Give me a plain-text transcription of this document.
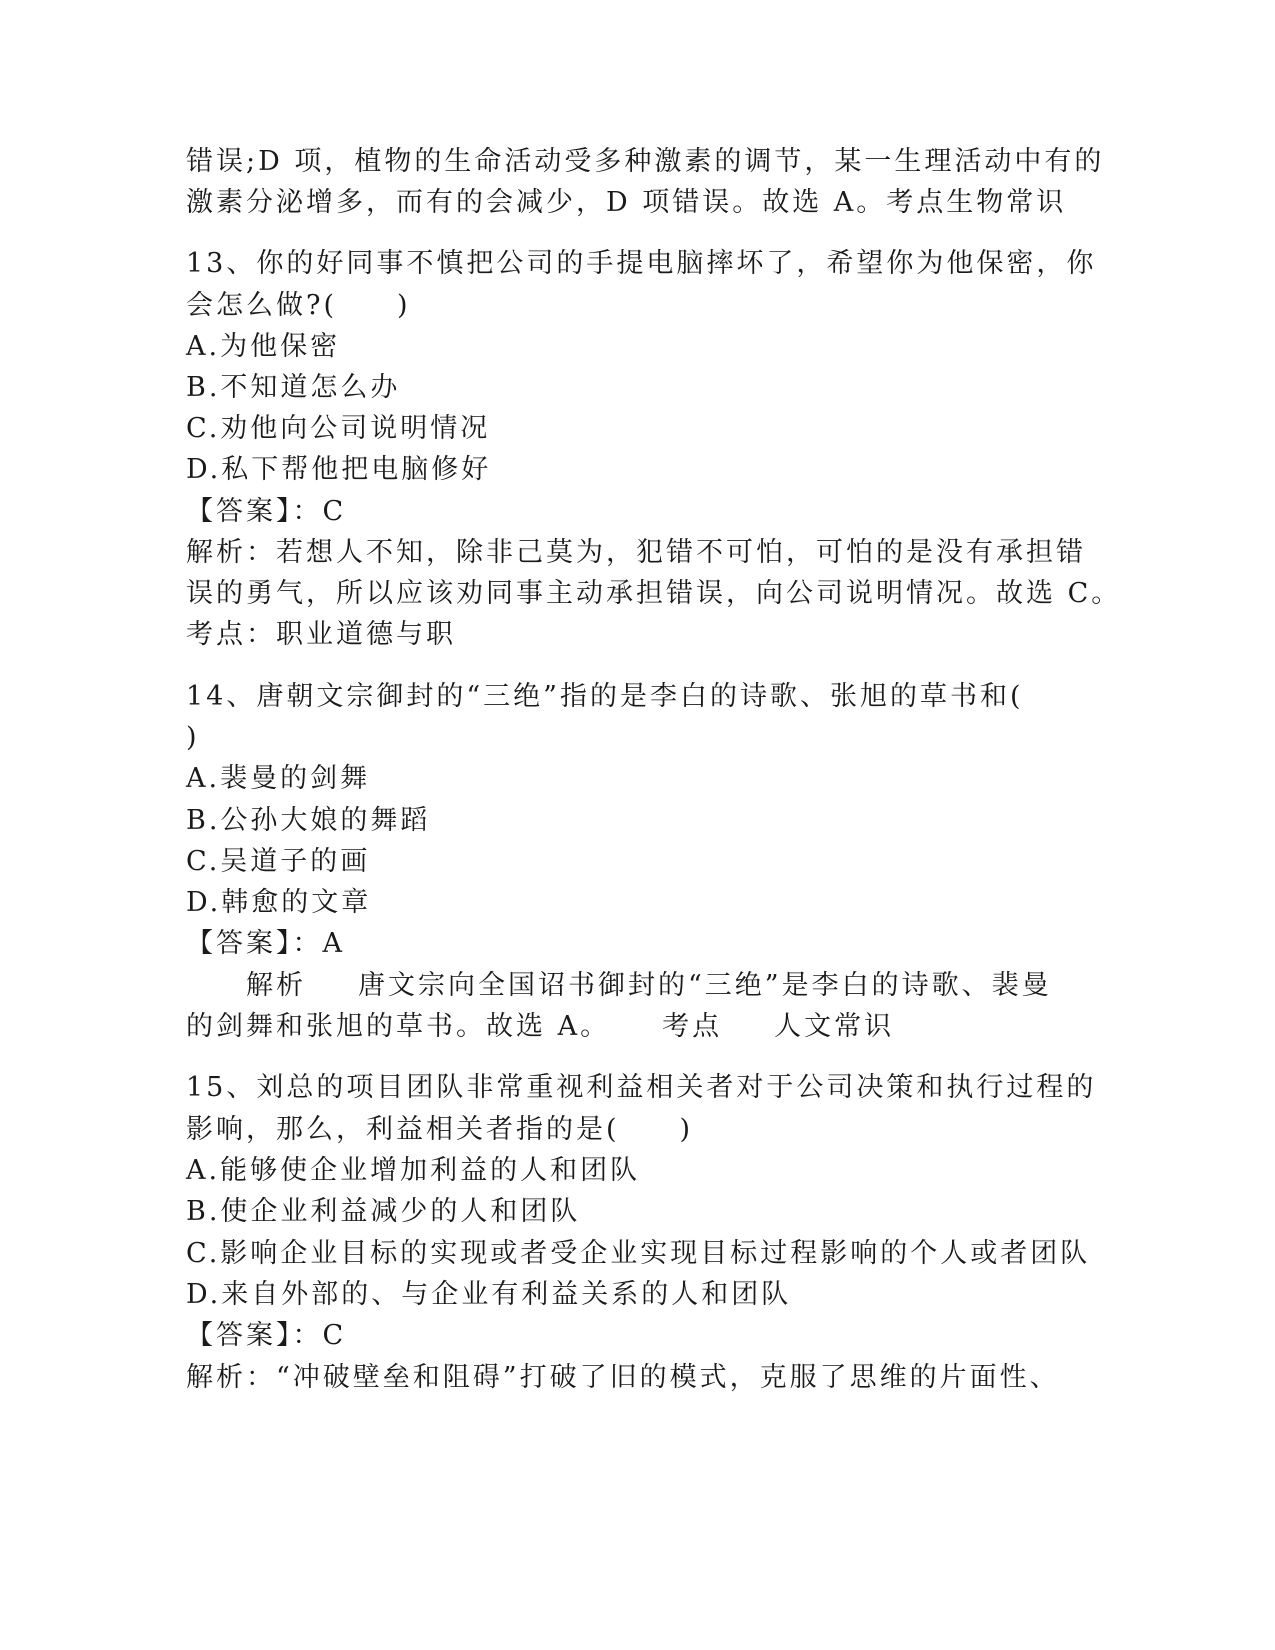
错误;D 项，植物的生命活动受多种激素的调节，某一生理活动中有的
激素分泌增多，而有的会减少，D 项错误。故选 A。考点生物常识
13、你的好同事不慎把公司的手提电脑摔坏了，希望你为他保密，你
会怎么做?(　　)
A.为他保密
B.不知道怎么办
C.劝他向公司说明情况
D.私下帮他把电脑修好
【答案】：C
解析：若想人不知，除非己莫为，犯错不可怕，可怕的是没有承担错
误的勇气，所以应该劝同事主动承担错误，向公司说明情况。故选 C。
考点：职业道德与职
14、唐朝文宗御封的“三绝”指的是李白的诗歌、张旭的草书和(
)
A.裴曼的剑舞
B.公孙大娘的舞蹈
C.吴道子的画
D.韩愈的文章
【答案】：A
解析 唐文宗向全国诏书御封的“三绝”是李白的诗歌、裴曼
的剑舞和张旭的草书。故选 A。 考点 人文常识
15、刘总的项目团队非常重视利益相关者对于公司决策和执行过程的
影响，那么，利益相关者指的是(　　)
A.能够使企业增加利益的人和团队
B.使企业利益减少的人和团队
C.影响企业目标的实现或者受企业实现目标过程影响的个人或者团队
D.来自外部的、与企业有利益关系的人和团队
【答案】：C
解析：“冲破壁垒和阻碍”打破了旧的模式，克服了思维的片面性、
